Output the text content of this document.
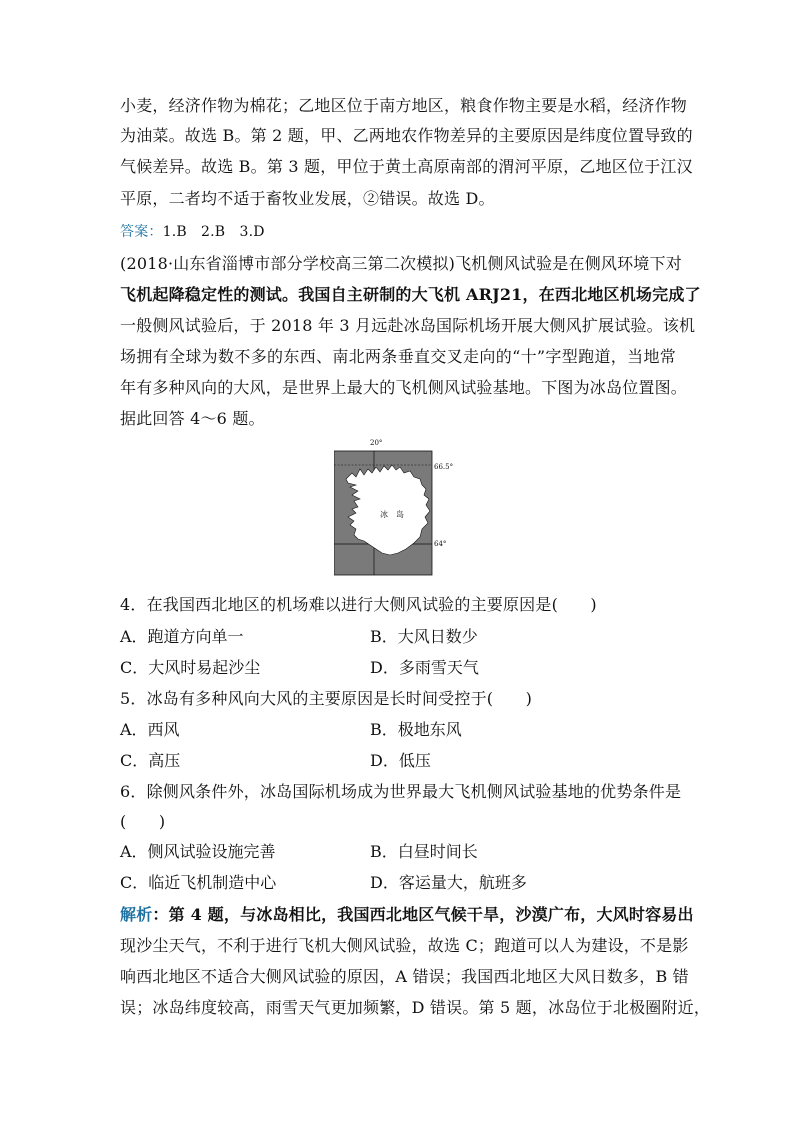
小麦，经济作物为棉花；乙地区位于南方地区，粮食作物主要是水稻，经济作物
为油菜。故选 B。第 2 题，甲、乙两地农作物差异的主要原因是纬度位置导致的
气候差异。故选 B。第 3 题，甲位于黄土高原南部的渭河平原，乙地区位于江汉
平原，二者均不适于畜牧业发展，②错误。故选 D。
答案：1.B　2.B　3.D
(2018·山东省淄博市部分学校高三第二次模拟)飞机侧风试验是在侧风环境下对
飞机起降稳定性的测试。我国自主研制的大飞机 ARJ21，在西北地区机场完成了
一般侧风试验后，于 2018 年 3 月远赴冰岛国际机场开展大侧风扩展试验。该机
场拥有全球为数不多的东西、南北两条垂直交叉走向的“十”字型跑道，当地常
年有多种风向的大风，是世界上最大的飞机侧风试验基地。下图为冰岛位置图。
据此回答 4～6 题。
4．在我国西北地区的机场难以进行大侧风试验的主要原因是(　　)
A．跑道方向单一	B．大风日数少
C．大风时易起沙尘	D．多雨雪天气
5．冰岛有多种风向大风的主要原因是长时间受控于(　　)
A．西风	B．极地东风
C．高压	D．低压
6．除侧风条件外，冰岛国际机场成为世界最大飞机侧风试验基地的优势条件是
(　　)
A．侧风试验设施完善	B．白昼时间长
C．临近飞机制造中心	D．客运量大，航班多
解析：第 4 题，与冰岛相比，我国西北地区气候干旱，沙漠广布，大风时容易出
现沙尘天气，不利于进行飞机大侧风试验，故选 C；跑道可以人为建设，不是影
响西北地区不适合大侧风试验的原因，A 错误；我国西北地区大风日数多，B 错
误；冰岛纬度较高，雨雪天气更加频繁，D 错误。第 5 题，冰岛位于北极圈附近，
20°
66.5°
64°
冰　岛
